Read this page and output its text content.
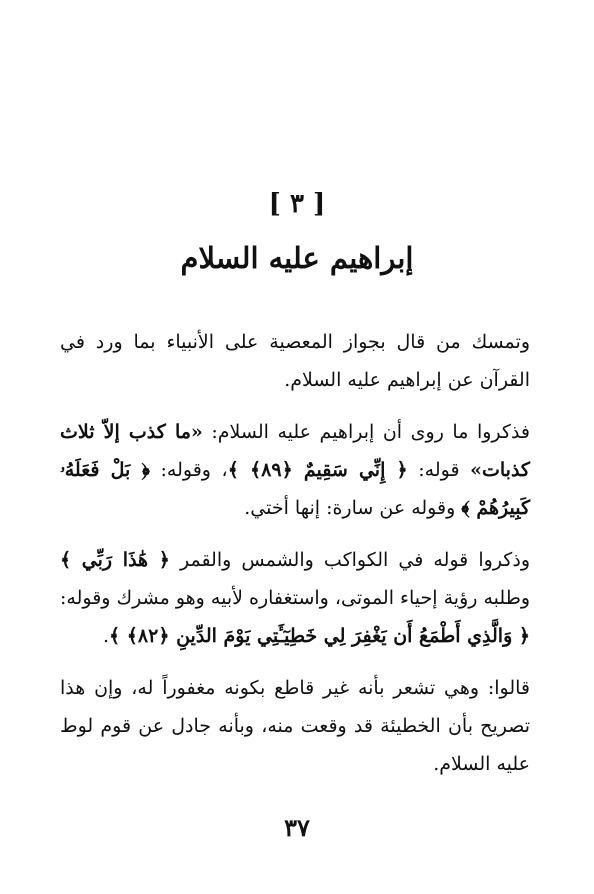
[ ٣ ]
إبراهيم عليه السلام

وتمسك من قال بجواز المعصية على الأنبياء بما ورد في القرآن عن إبراهيم عليه السلام.

فذكروا ما روى أن إبراهيم عليه السلام: «ما كذب إلاّ ثلاث كذبات» قوله: ﴿ إِنِّي سَقِيمٌ ﴿٨٩﴾ ﴾، وقوله: ﴿ بَلْ فَعَلَهُۥ كَبِيرُهُمْ ﴾ وقوله عن سارة: إنها أختي.

وذكروا قوله في الكواكب والشمس والقمر ﴿ هَٰذَا رَبِّي ﴾ وطلبه رؤية إحياء الموتى، واستغفاره لأبيه وهو مشرك وقوله: ﴿ وَالَّذِي أَطْمَعُ أَن يَغْفِرَ لِي خَطِيٓـَٔتِي يَوْمَ الدِّينِ ﴿٨٢﴾ ﴾.

قالوا: وهي تشعر بأنه غير قاطع بكونه مغفوراً له، وإن هذا تصريح بأن الخطيئة قد وقعت منه، وبأنه جادل عن قوم لوط عليه السلام.

٣٧
